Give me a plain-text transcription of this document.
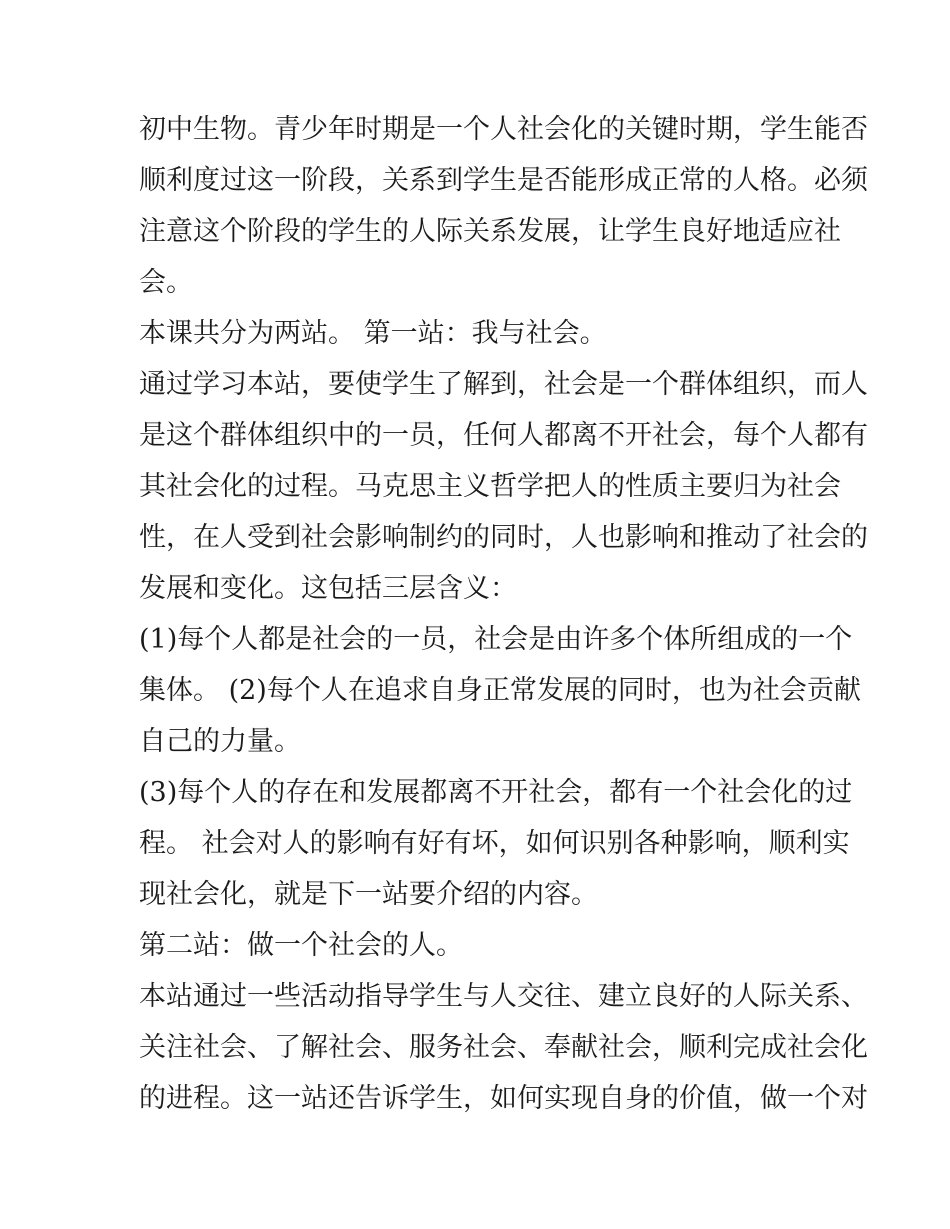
初中生物。青少年时期是一个人社会化的关键时期，学生能否
顺利度过这一阶段，关系到学生是否能形成正常的人格。必须
注意这个阶段的学生的人际关系发展，让学生良好地适应社
会。
本课共分为两站。 第一站：我与社会。
通过学习本站，要使学生了解到，社会是一个群体组织，而人
是这个群体组织中的一员，任何人都离不开社会，每个人都有
其社会化的过程。马克思主义哲学把人的性质主要归为社会
性，在人受到社会影响制约的同时，人也影响和推动了社会的
发展和变化。这包括三层含义：
(1)每个人都是社会的一员，社会是由许多个体所组成的一个
集体。 (2)每个人在追求自身正常发展的同时，也为社会贡献
自己的力量。
(3)每个人的存在和发展都离不开社会，都有一个社会化的过
程。 社会对人的影响有好有坏，如何识别各种影响，顺利实
现社会化，就是下一站要介绍的内容。
第二站：做一个社会的人。
本站通过一些活动指导学生与人交往、建立良好的人际关系、
关注社会、了解社会、服务社会、奉献社会，顺利完成社会化
的进程。这一站还告诉学生，如何实现自身的价值，做一个对
